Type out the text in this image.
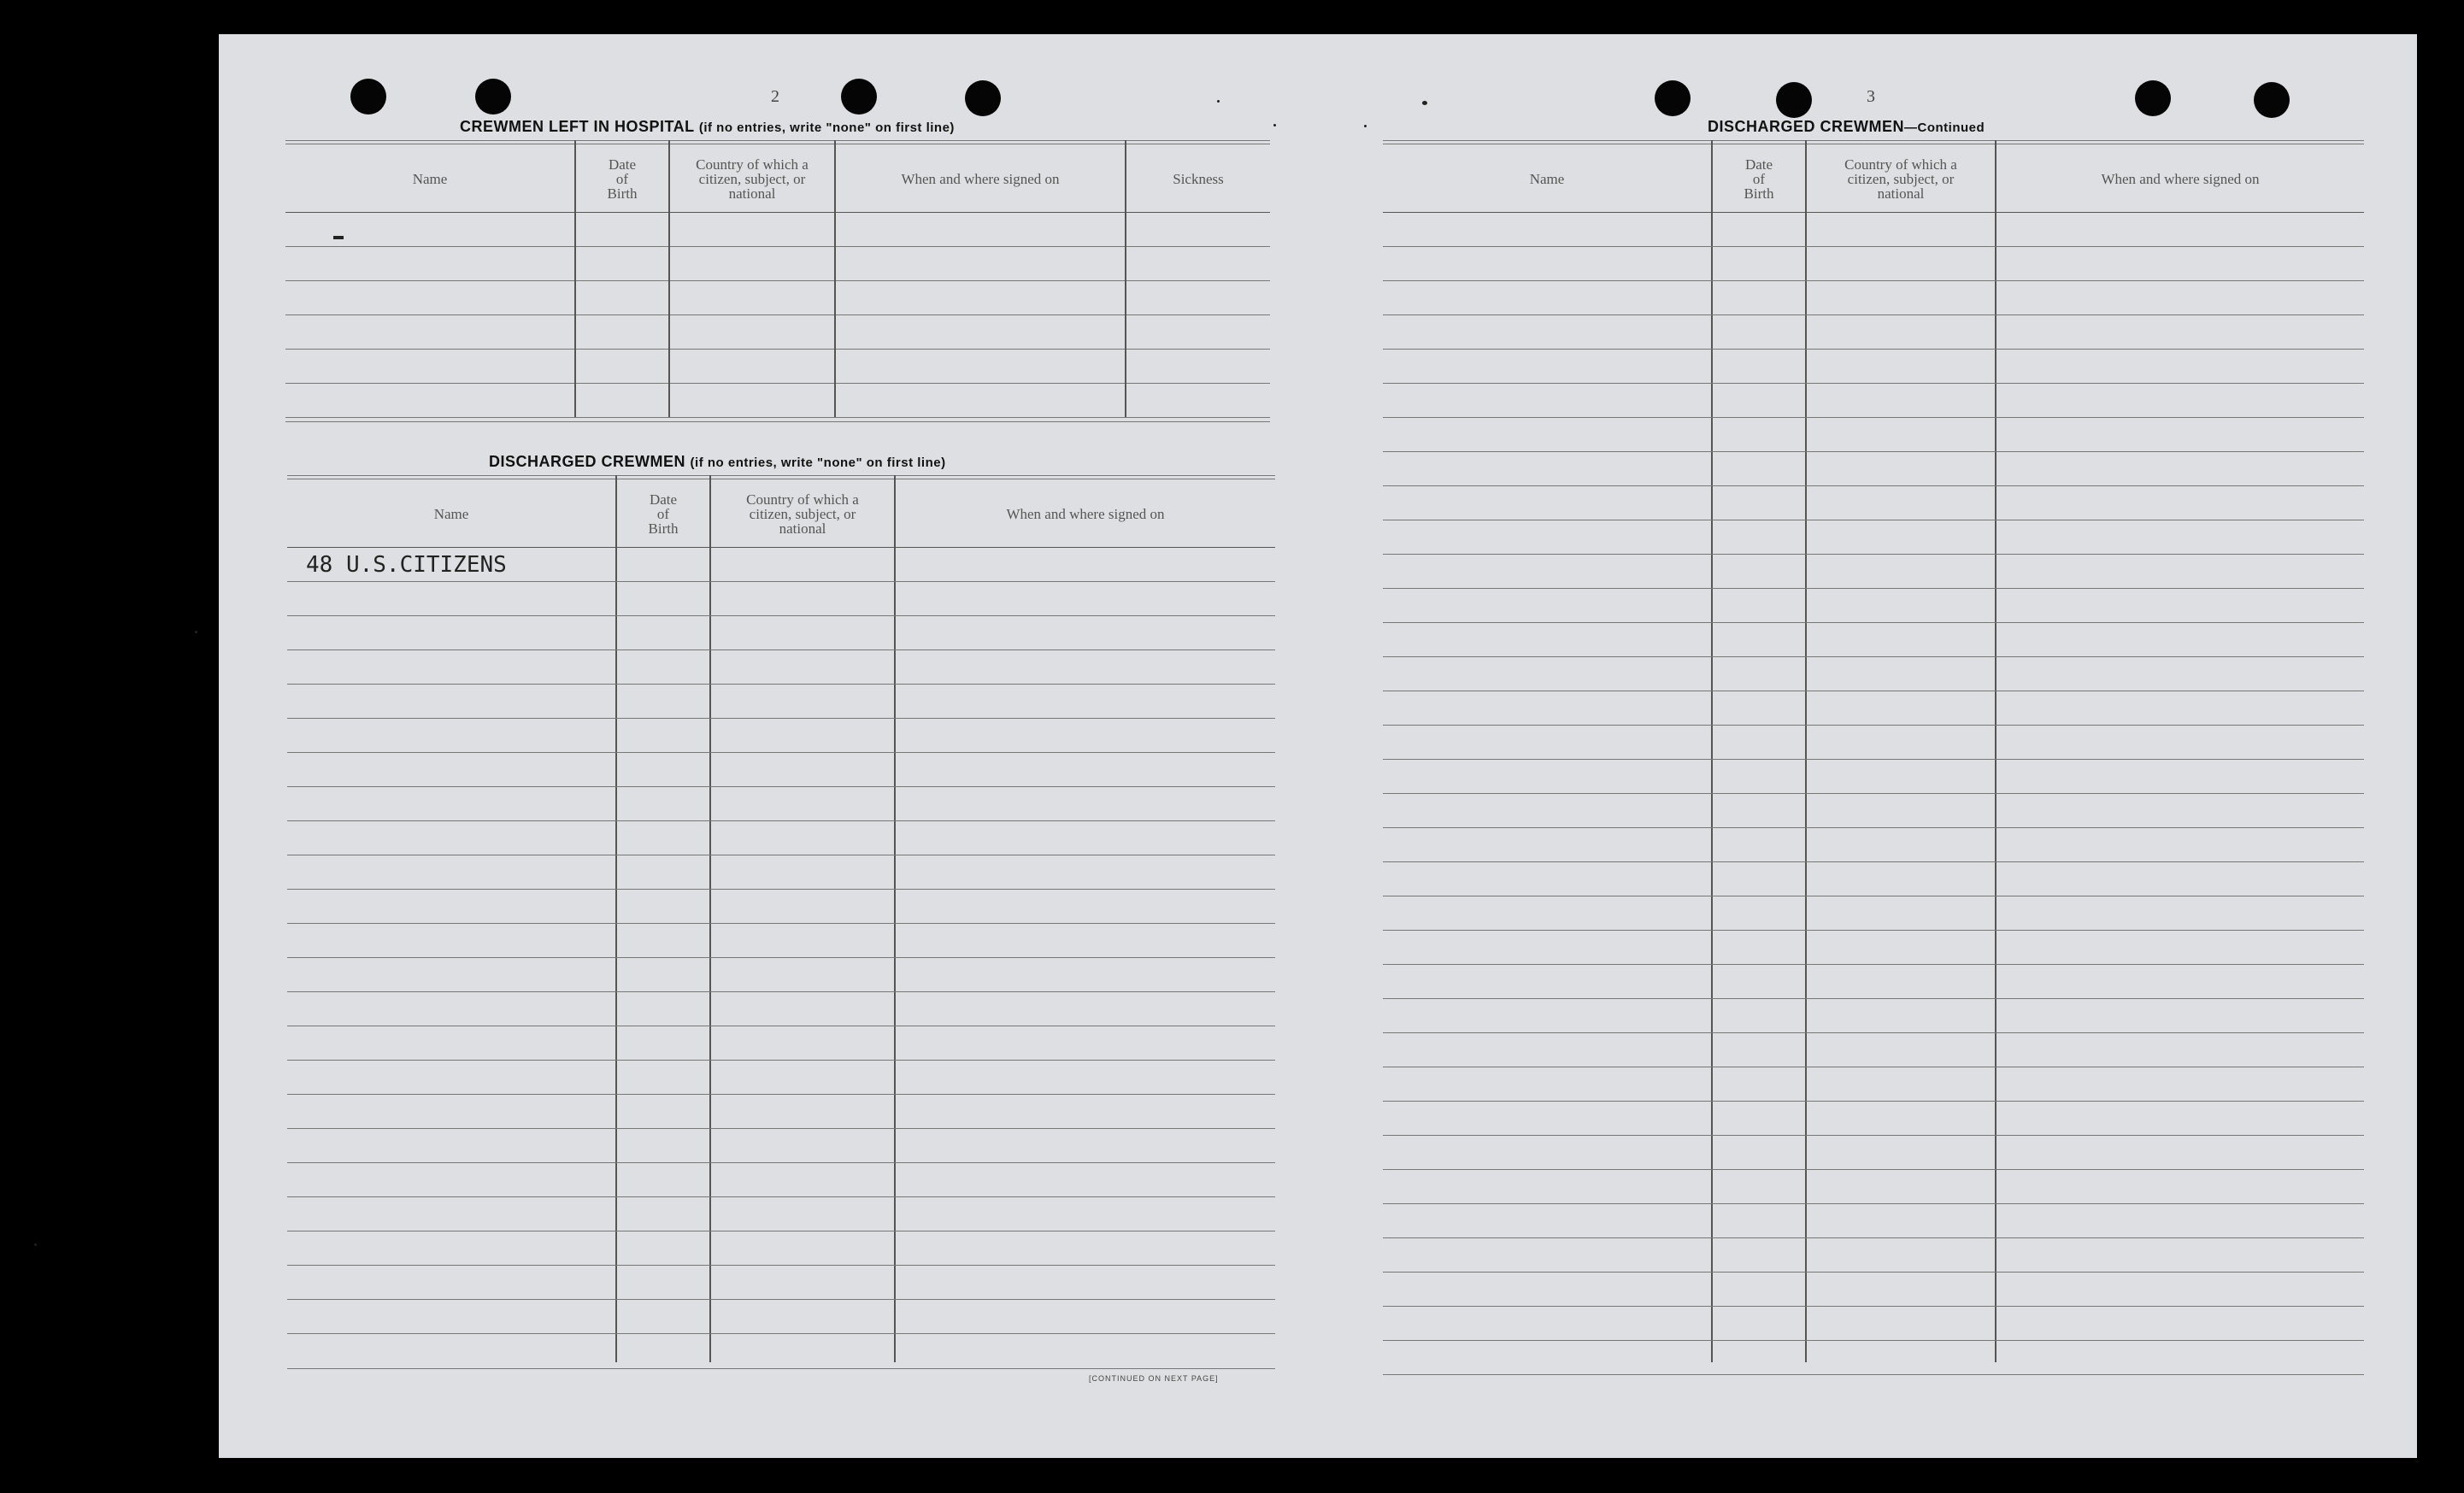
2
CREWMEN LEFT IN HOSPITAL (if no entries, write "none" on first line)
Name
Date
of
Birth
Country of which a
citizen, subject, or
national
When and where signed on	Sickness
DISCHARGED CREWMEN (if no entries, write "none" on first line)
Name
Date
of
Birth
Country of which a
citizen, subject, or
national
When and where signed on
48 U.S.CITIZENS
[CONTINUED ON NEXT PAGE]
3
DISCHARGED CREWMEN—Continued
Name
Date
of
Birth
Country of which a
citizen, subject, or
national
When and where signed on
